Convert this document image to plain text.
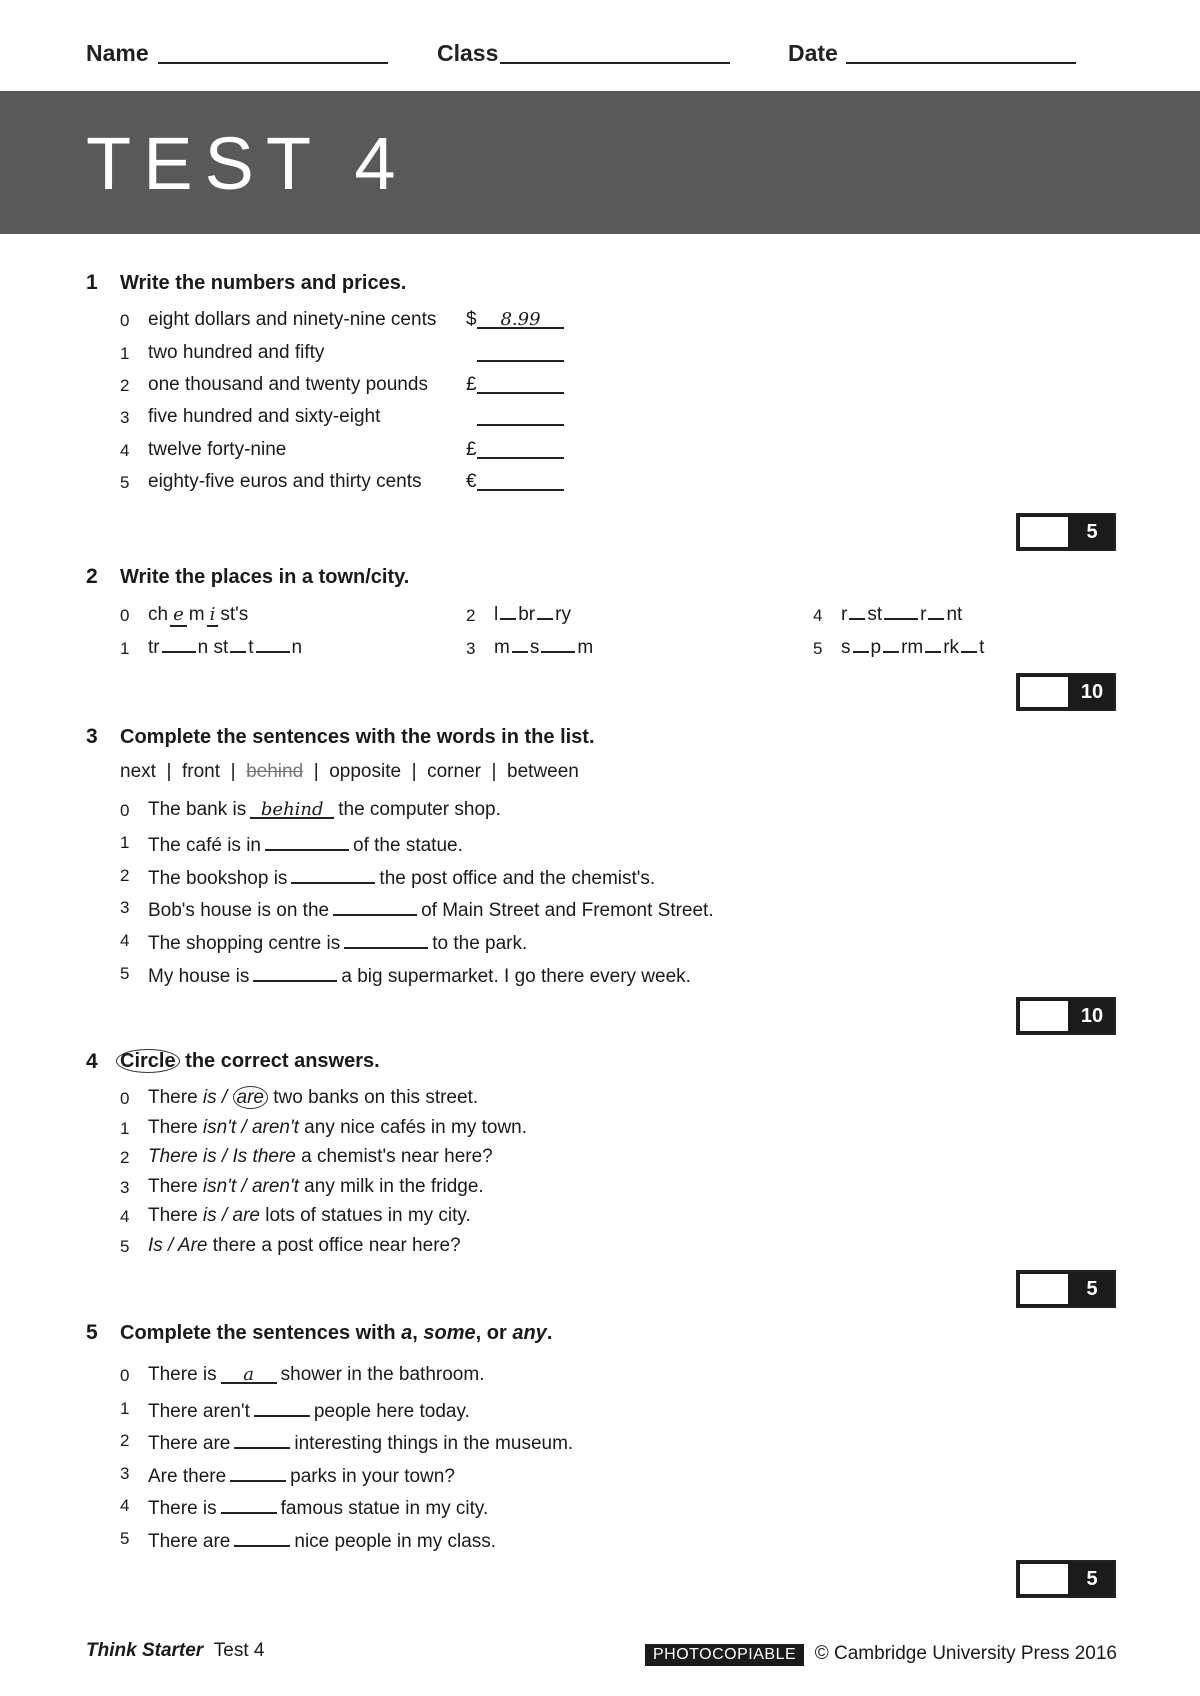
Name	Class	Date
TEST 4
1 Write the numbers and prices.
0 eight dollars and ninety-nine cents $	8.99
1 two hundred and fifty
2 one thousand and twenty pounds £
3 five hundred and sixty-eight
4 twelve forty-nine	£
5 eighty-five euros and thirty cents €
5
2 Write the places in a town/city.
0 ch e m i st's
1 tr n st t n
2 l br ry
3 m s m
4 r st r nt
5 s p rm rk t
10
3 Complete the sentences with the words in the list.
next  |  front  |  behind  |  opposite  |  corner  |  between
0 The bank is behind the computer shop.
1 The café is in	of the statue.
2 The bookshop is	the post office and the chemist's.
3 Bob's house is on the	of Main Street and Fremont Street.
4 The shopping centre is	to the park.
5 My house is	a big supermarket. I go there every week.
10
4 Circle the correct answers.
0 There is / are two banks on this street.
1 There isn't / aren't any nice cafés in my town.
2 There is / Is there a chemist's near here?
3 There isn't / aren't any milk in the fridge.
4 There is / are lots of statues in my city.
5 Is / Are there a post office near here?
5
5 Complete the sentences with a, some, or any.
0 There is a shower in the bathroom.
1 There aren't	people here today.
2 There are	interesting things in the museum.
3 Are there	parks in your town?
4 There is	famous statue in my city.
5 There are	nice people in my class.
5
Think Starter Test 4	PHOTOCOPIABLE © Cambridge University Press 2016
